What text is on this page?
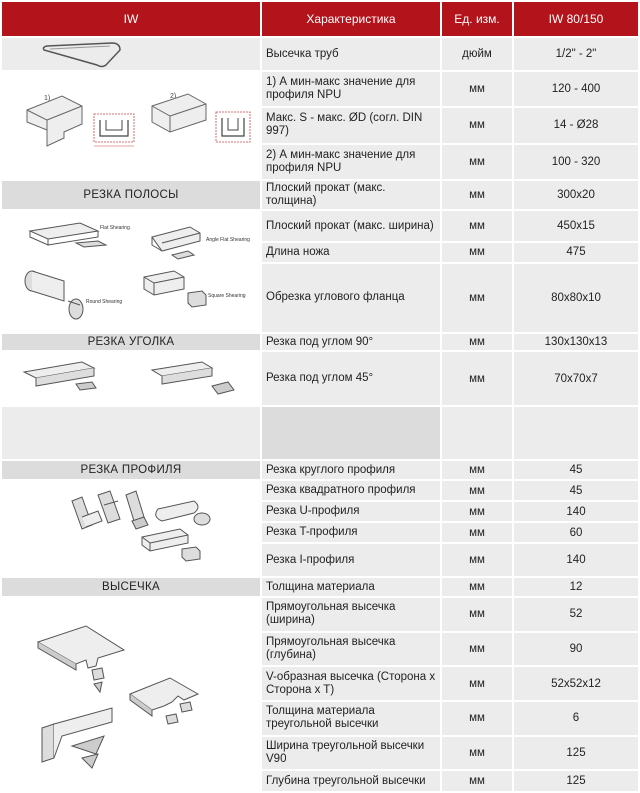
IW	Характеристика	Ед. изм.	IW 80/150

	Высечка труб	дюйм	1/2" - 2"

1) 2)	1) А мин-макс значение для профиля NPU	мм	120 - 400
	Макс. S - макс. ØD (согл. DIN 997)	мм	14 - Ø28
	2) А мин-макс значение для профиля NPU	мм	100 - 320
РЕЗКА ПОЛОСЫ	Плоский прокат (макс. толщина)	мм	300x20

Flat Shearing
Angle Flat Shearing
Round Shearing
Square Shearing	Плоский прокат (макс. ширина)	мм	450x15
	Длина ножа	мм	475
	Обрезка углового фланца	мм	80x80x10
РЕЗКА УГОЛКА	Резка под углом 90°	мм	130x130x13
	Резка под углом 45°	мм	70x70x7

РЕЗКА ПРОФИЛЯ	Резка круглого профиля	мм	45
	Резка квадратного профиля	мм	45
	Резка U-профиля	мм	140
	Резка T-профиля	мм	60
	Резка I-профиля	мм	140
ВЫСЕЧКА	Толщина материала	мм	12
	Прямоугольная высечка (ширина)	мм	52
	Прямоугольная высечка (глубина)	мм	90
	V-образная высечка (Сторона x Сторона x T)	мм	52x52x12
	Толщина материала треугольной высечки	мм	6
	Ширина треугольной высечки V90	мм	125
	Глубина треугольной высечки	мм	125
